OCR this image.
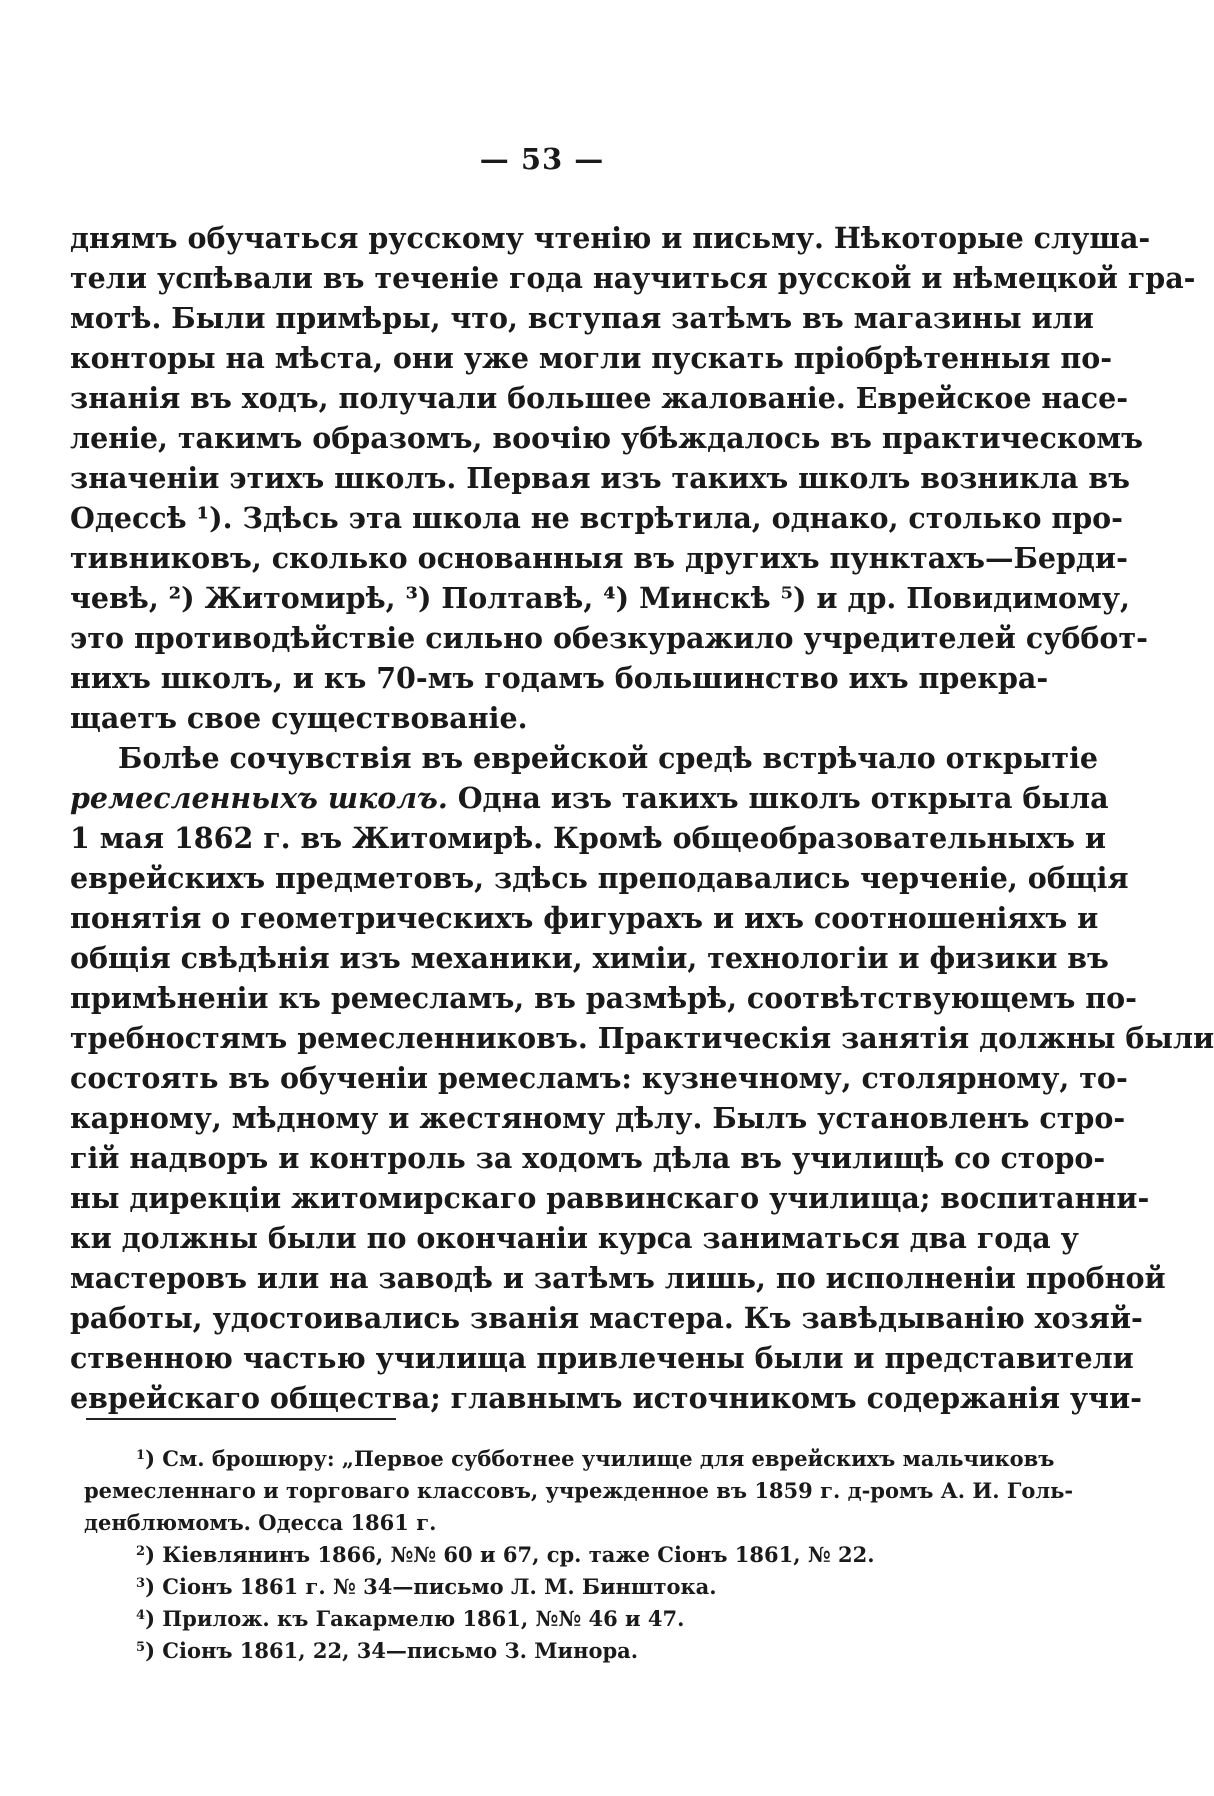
— 53 —
днямъ обучаться русскому чтенію и письму. Нѣкоторые слуша-
тели успѣвали въ теченіе года научиться русской и нѣмецкой гра-
мотѣ. Были примѣры, что, вступая затѣмъ въ магазины или
конторы на мѣста, они уже могли пускать пріобрѣтенныя по-
знанія въ ходъ, получали большее жалованіе. Еврейское насе-
леніе, такимъ образомъ, воочію убѣждалось въ практическомъ
значеніи этихъ школъ. Первая изъ такихъ школъ возникла въ
Одессѣ ¹). Здѣсь эта школа не встрѣтила, однако, столько про-
тивниковъ, сколько основанныя въ другихъ пунктахъ—Берди-
чевѣ, ²) Житомирѣ, ³) Полтавѣ, ⁴) Минскѣ ⁵) и др. Повидимому,
это противодѣйствіе сильно обезкуражило учредителей суббот-
нихъ школъ, и къ 70-мъ годамъ большинство ихъ прекра-
щаетъ свое существованіе.
Болѣе сочувствія въ еврейской средѣ встрѣчало открытіе
ремесленныхъ школъ. Одна изъ такихъ школъ открыта была
1 мая 1862 г. въ Житомирѣ. Кромѣ общеобразовательныхъ и
еврейскихъ предметовъ, здѣсь преподавались черченіе, общія
понятія о геометрическихъ фигурахъ и ихъ соотношеніяхъ и
общія свѣдѣнія изъ механики, химіи, технологіи и физики въ
примѣненіи къ ремесламъ, въ размѣрѣ, соотвѣтствующемъ по-
требностямъ ремесленниковъ. Практическія занятія должны были
состоять въ обученіи ремесламъ: кузнечному, столярному, то-
карному, мѣдному и жестяному дѣлу. Былъ установленъ стро-
гій надворъ и контроль за ходомъ дѣла въ училищѣ со сторо-
ны дирекціи житомирскаго раввинскаго училища; воспитанни-
ки должны были по окончаніи курса заниматься два года у
мастеровъ или на заводѣ и затѣмъ лишь, по исполненіи пробной
работы, удостоивались званія мастера. Къ завѣдыванію хозяй-
ственною частью училища привлечены были и представители
еврейскаго общества; главнымъ источникомъ содержанія учи-
$^1$) См. брошюру: „Первое субботнее училище для еврейскихъ мальчиковъ
ремесленнаго и торговаго классовъ, учрежденное въ 1859 г. д-ромъ А. И. Голь-
денблюмомъ. Одесса 1861 г.
$^2$) Кіевлянинъ 1866, №№ 60 и 67, ср. таже Сіонъ 1861, № 22.
$^3$) Сіонъ 1861 г. № 34—письмо Л. М. Бинштока.
$^4$) Прилож. къ Гакармелю 1861, №№ 46 и 47.
$^5$) Сіонъ 1861, 22, 34—письмо З. Минора.
